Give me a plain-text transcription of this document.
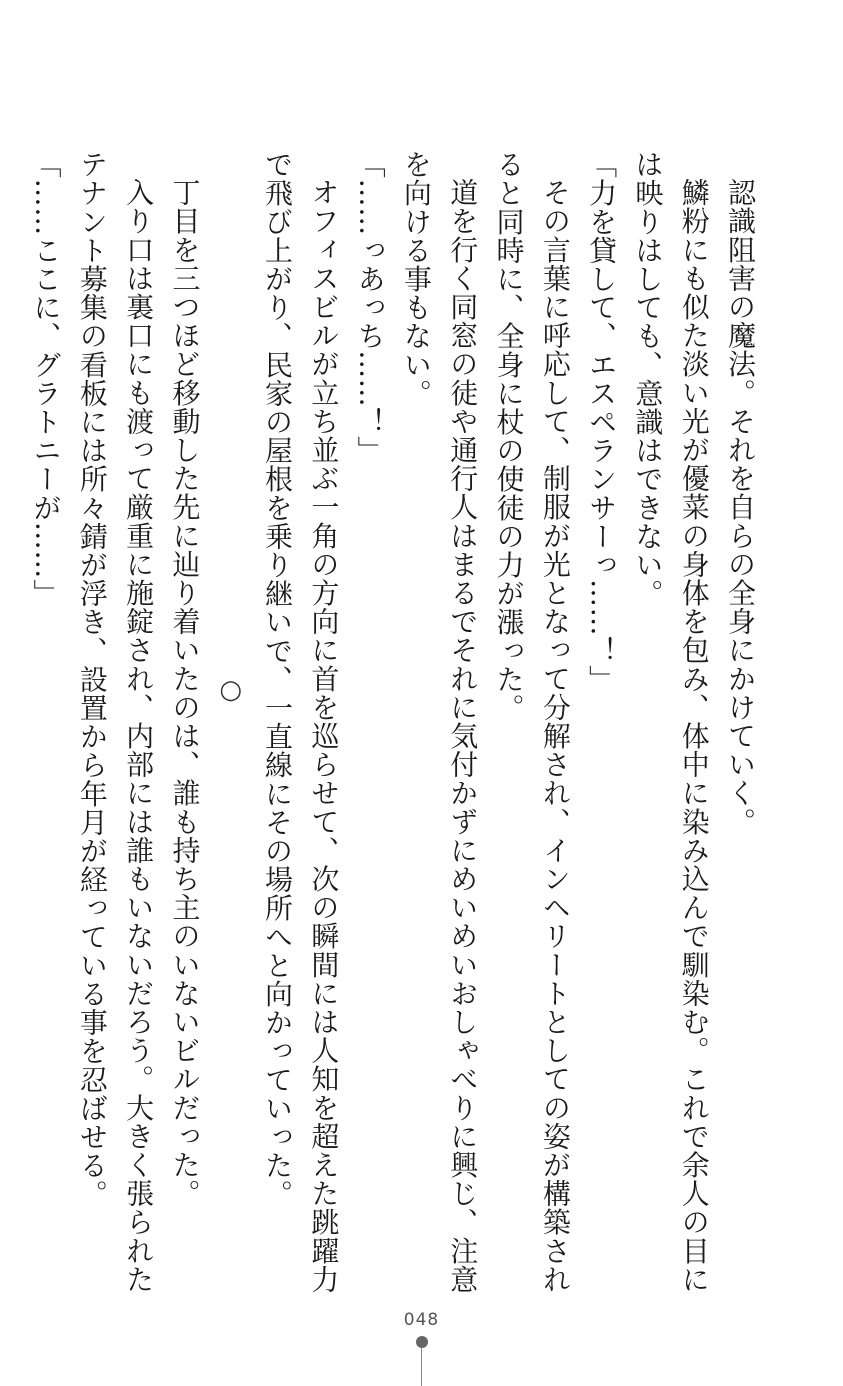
認識阻害の魔法。それを自らの全身にかけていく。

鱗粉にも似た淡い光が優菜の身体を包み、体中に染み込んで馴染む。これで余人の目に

は映りはしても、意識はできない。

「力を貸して、エスペランサーっ……！」

その言葉に呼応して、制服が光となって分解され、インヘリートとしての姿が構築され

ると同時に、全身に杖の使徒の力が漲った。

道を行く同窓の徒や通行人はまるでそれに気付かずにめいめいおしゃべりに興じ、注意

を向ける事もない。

「……っあっち……！」

オフィスビルが立ち並ぶ一角の方向に首を巡らせて、次の瞬間には人知を超えた跳躍力

で飛び上がり、民家の屋根を乗り継いで、一直線にその場所へと向かっていった。

○

丁目を三つほど移動した先に辿り着いたのは、誰も持ち主のいないビルだった。

入り口は裏口にも渡って厳重に施錠され、内部には誰もいないだろう。大きく張られた

テナント募集の看板には所々錆が浮き、設置から年月が経っている事を忍ばせる。

「……ここに、グラトニーが……」

048
